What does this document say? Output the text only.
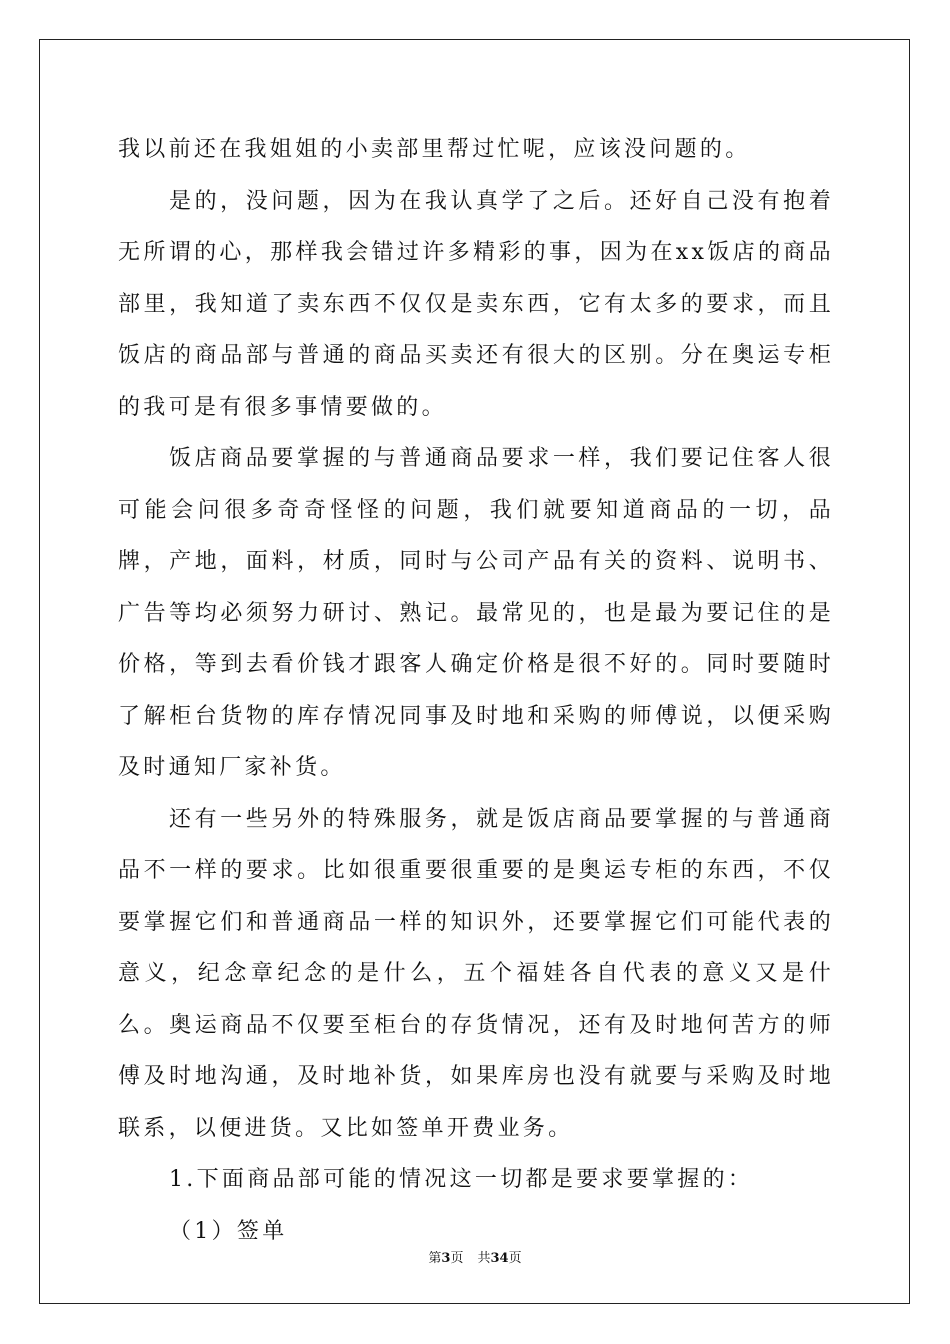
我以前还在我姐姐的小卖部里帮过忙呢，应该没问题的。

是的，没问题，因为在我认真学了之后。还好自己没有抱着无所谓的心，那样我会错过许多精彩的事，因为在xx饭店的商品部里，我知道了卖东西不仅仅是卖东西，它有太多的要求，而且饭店的商品部与普通的商品买卖还有很大的区别。分在奥运专柜的我可是有很多事情要做的。

饭店商品要掌握的与普通商品要求一样，我们要记住客人很可能会问很多奇奇怪怪的问题，我们就要知道商品的一切，品牌，产地，面料，材质，同时与公司产品有关的资料、说明书、广告等均必须努力研讨、熟记。最常见的，也是最为要记住的是价格，等到去看价钱才跟客人确定价格是很不好的。同时要随时了解柜台货物的库存情况同事及时地和采购的师傅说，以便采购及时通知厂家补货。

还有一些另外的特殊服务，就是饭店商品要掌握的与普通商品不一样的要求。比如很重要很重要的是奥运专柜的东西，不仅要掌握它们和普通商品一样的知识外，还要掌握它们可能代表的意义，纪念章纪念的是什么，五个福娃各自代表的意义又是什么。奥运商品不仅要至柜台的存货情况，还有及时地何苦方的师傅及时地沟通，及时地补货，如果库房也没有就要与采购及时地联系，以便进货。又比如签单开费业务。

1.下面商品部可能的情况这一切都是要求要掌握的：

（1）签单

第3页 共34页
